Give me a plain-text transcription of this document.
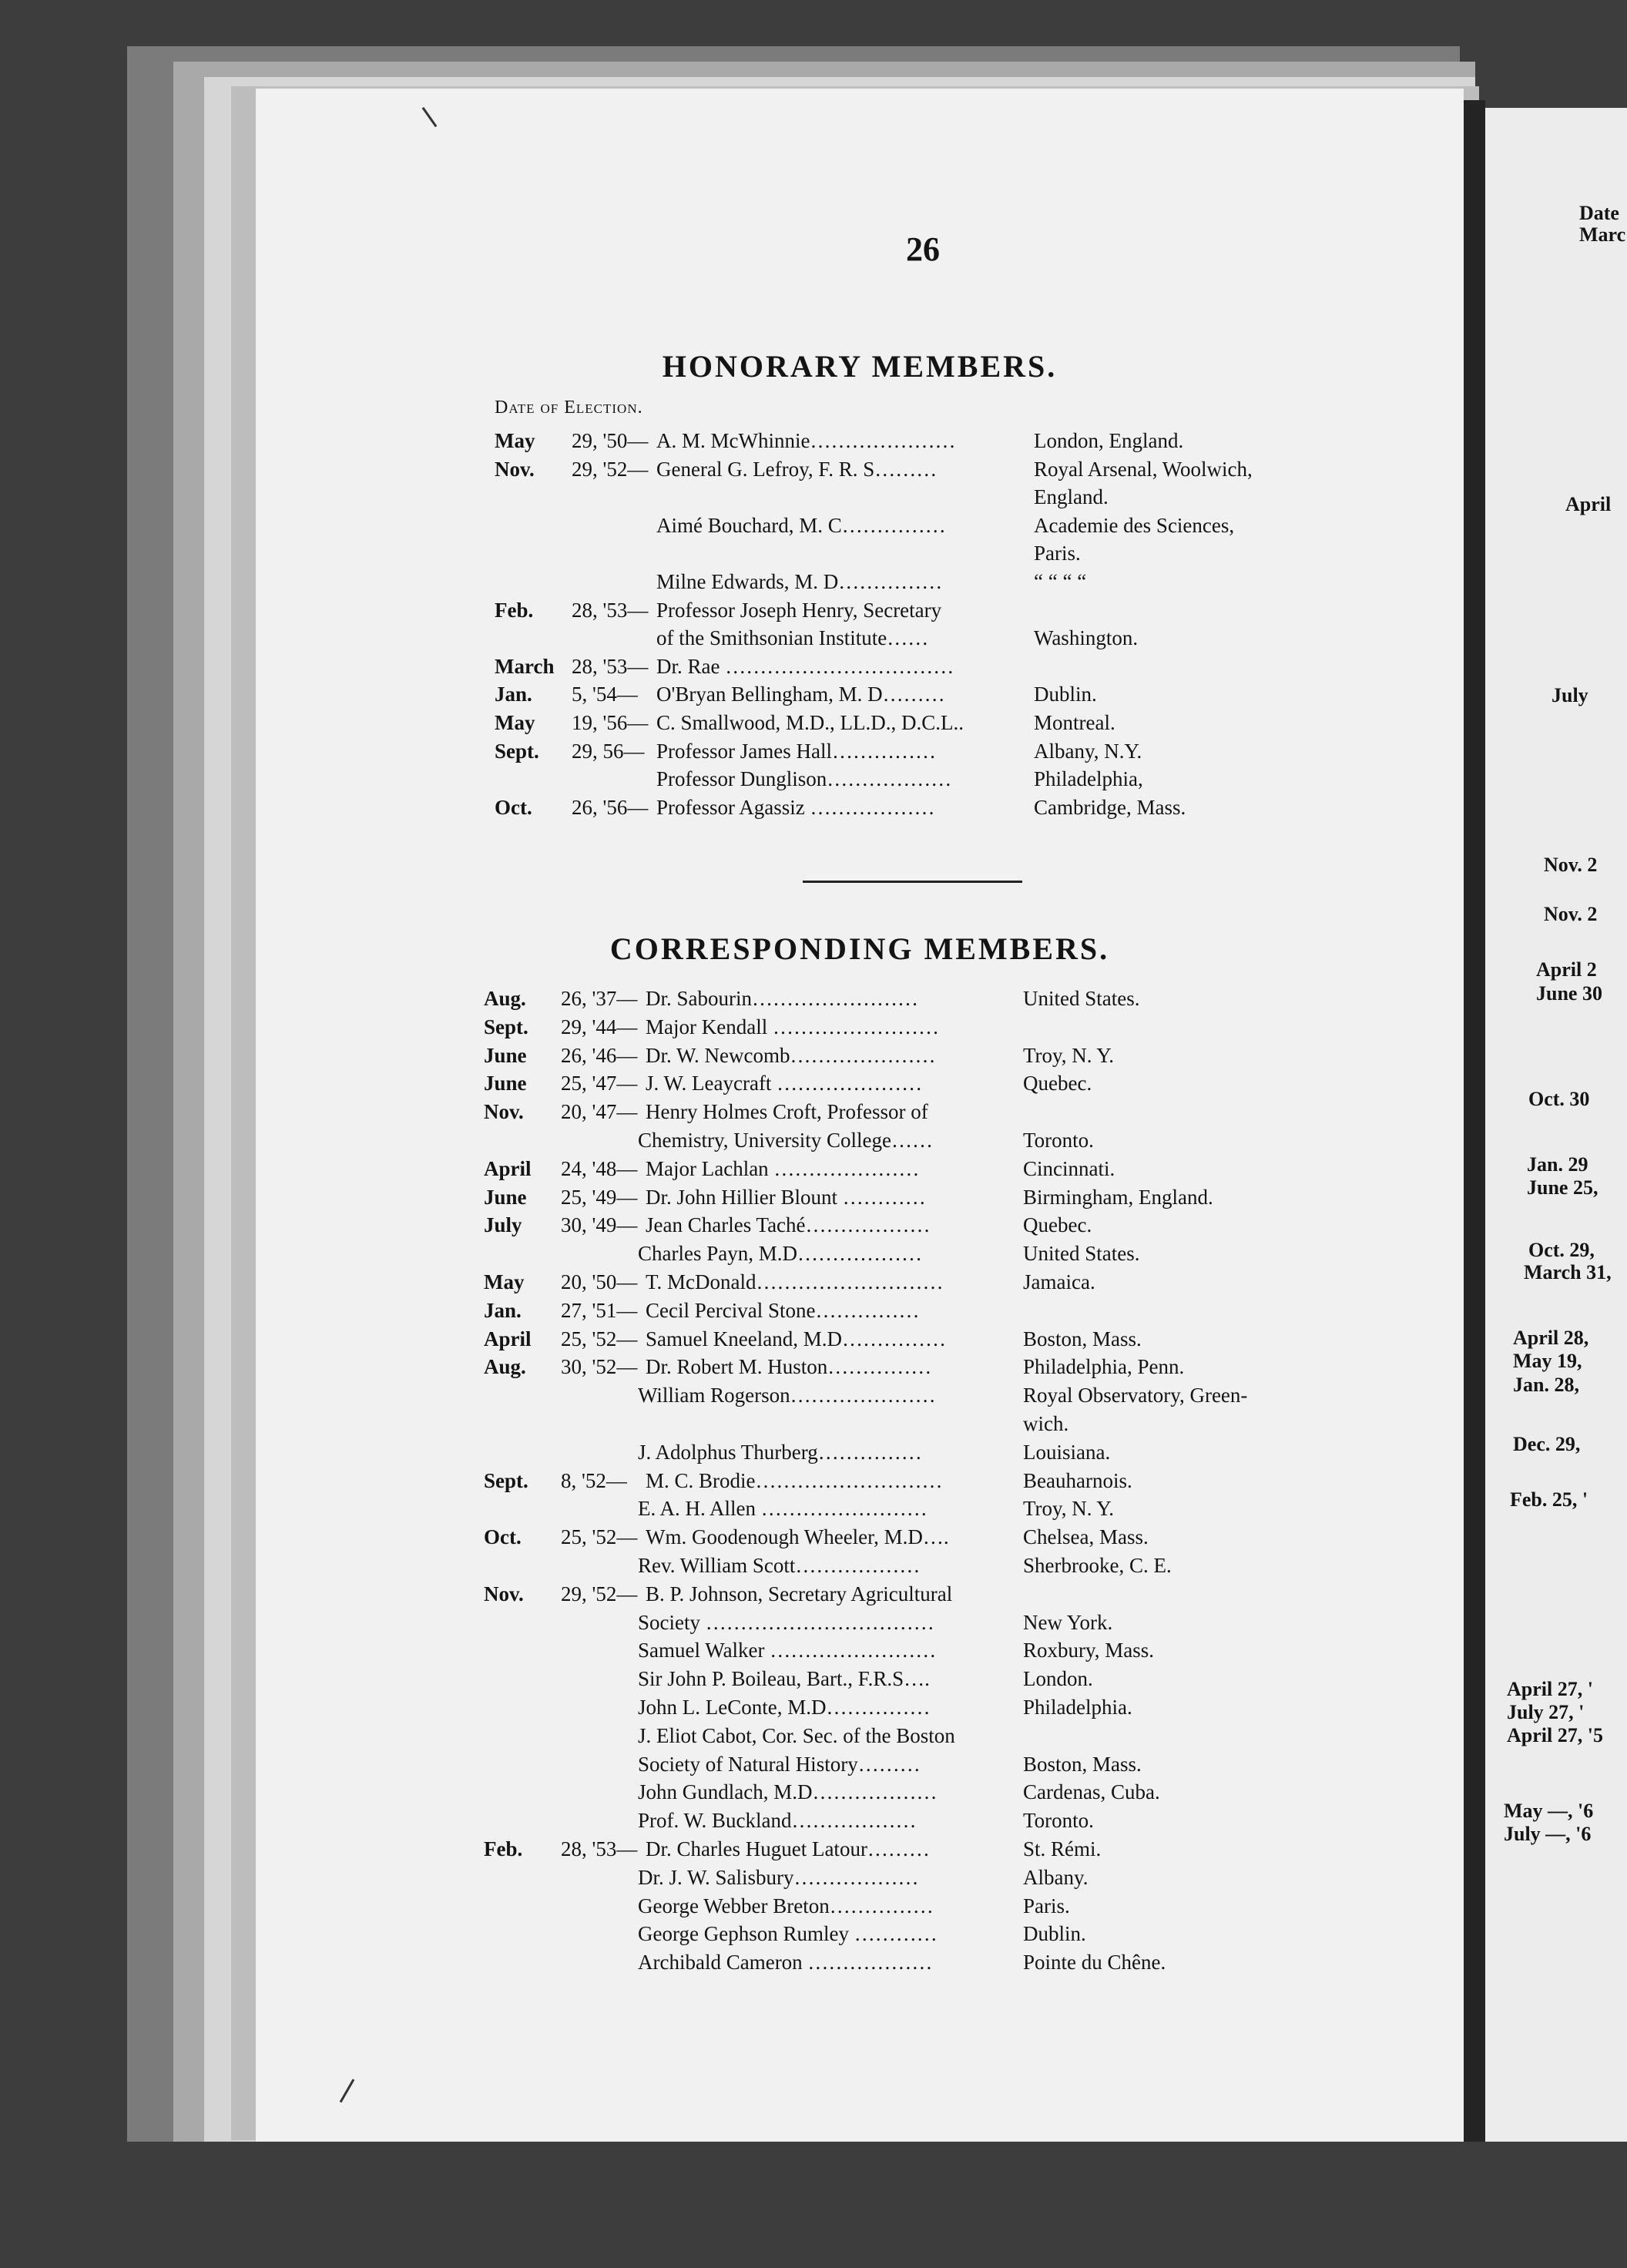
Date
Marc
April
July
Nov. 2
Nov. 2
April 2
June 30
Oct. 30
Jan. 29
June 25,
Oct. 29,
March 31,
April 28,
May 19,
Jan. 28,
Dec. 29,
Feb. 25, '
April 27, '
July 27, '
April 27, '5
May —, '6
July —, '6
26
HONORARY MEMBERS.
Date of Election.
May 29, '50— A. M. McWhinnie…………………	London, England.
Nov. 29, '52— General G. Lefroy, F. R. S………	Royal Arsenal, Woolwich,
England.
Aimé Bouchard, M. C……………	Academie des Sciences,
Paris.
Milne Edwards, M. D……………	“ “ “ “
Feb. 28, '53— Professor Joseph Henry, Secretary
of the Smithsonian Institute……	Washington.
March 28, '53— Dr. Rae ……………………………
Jan. 5, '54— O'Bryan Bellingham, M. D………	Dublin.
May 19, '56— C. Smallwood, M.D., LL.D., D.C.L..	Montreal.
Sept. 29, 56— Professor James Hall……………	Albany, N.Y.
Professor Dunglison………………	Philadelphia,
Oct. 26, '56— Professor Agassiz ………………	Cambridge, Mass.
CORRESPONDING MEMBERS.
Aug. 26, '37— Dr. Sabourin……………………	United States.
Sept. 29, '44— Major Kendall ……………………
June 26, '46— Dr. W. Newcomb…………………	Troy, N. Y.
June 25, '47— J. W. Leaycraft …………………	Quebec.
Nov. 20, '47— Henry Holmes Croft, Professor of
Chemistry, University College……	Toronto.
April 24, '48— Major Lachlan …………………	Cincinnati.
June 25, '49— Dr. John Hillier Blount …………	Birmingham, England.
July 30, '49— Jean Charles Taché………………	Quebec.
Charles Payn, M.D………………	United States.
May 20, '50— T. McDonald………………………	Jamaica.
Jan. 27, '51— Cecil Percival Stone……………
April 25, '52— Samuel Kneeland, M.D……………	Boston, Mass.
Aug. 30, '52— Dr. Robert M. Huston……………	Philadelphia, Penn.
William Rogerson…………………	Royal Observatory, Green-
wich.
J. Adolphus Thurberg……………	Louisiana.
Sept. 8, '52— M. C. Brodie………………………	Beauharnois.
E. A. H. Allen ……………………	Troy, N. Y.
Oct. 25, '52— Wm. Goodenough Wheeler, M.D….	Chelsea, Mass.
Rev. William Scott………………	Sherbrooke, C. E.
Nov. 29, '52— B. P. Johnson, Secretary Agricultural
Society ……………………………	New York.
Samuel Walker ……………………	Roxbury, Mass.
Sir John P. Boileau, Bart., F.R.S….	London.
John L. LeConte, M.D……………	Philadelphia.
J. Eliot Cabot, Cor. Sec. of the Boston
Society of Natural History………	Boston, Mass.
John Gundlach, M.D………………	Cardenas, Cuba.
Prof. W. Buckland………………	Toronto.
Feb. 28, '53— Dr. Charles Huguet Latour………	St. Rémi.
Dr. J. W. Salisbury………………	Albany.
George Webber Breton……………	Paris.
George Gephson Rumley …………	Dublin.
Archibald Cameron ………………	Pointe du Chêne.
